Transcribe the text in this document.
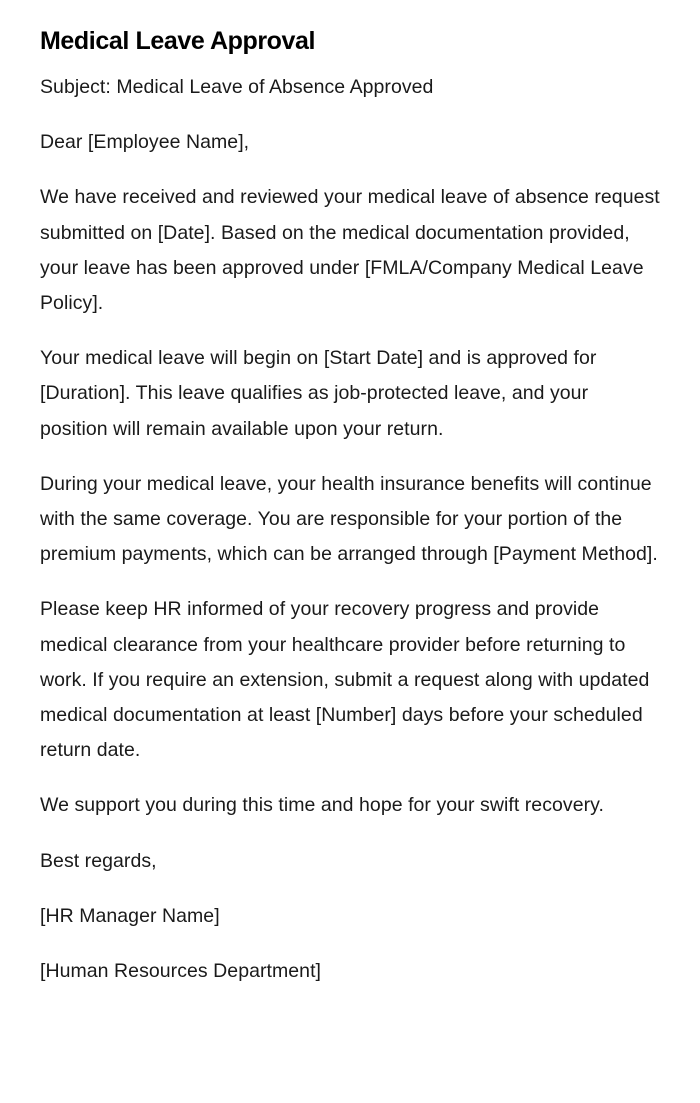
Medical Leave Approval

Subject: Medical Leave of Absence Approved

Dear [Employee Name],

We have received and reviewed your medical leave of absence request submitted on [Date]. Based on the medical documentation provided, your leave has been approved under [FMLA/Company Medical Leave Policy].

Your medical leave will begin on [Start Date] and is approved for [Duration]. This leave qualifies as job-protected leave, and your position will remain available upon your return.

During your medical leave, your health insurance benefits will continue with the same coverage. You are responsible for your portion of the premium payments, which can be arranged through [Payment Method].

Please keep HR informed of your recovery progress and provide medical clearance from your healthcare provider before returning to work. If you require an extension, submit a request along with updated medical documentation at least [Number] days before your scheduled return date.

We support you during this time and hope for your swift recovery.

Best regards,

[HR Manager Name]

[Human Resources Department]
